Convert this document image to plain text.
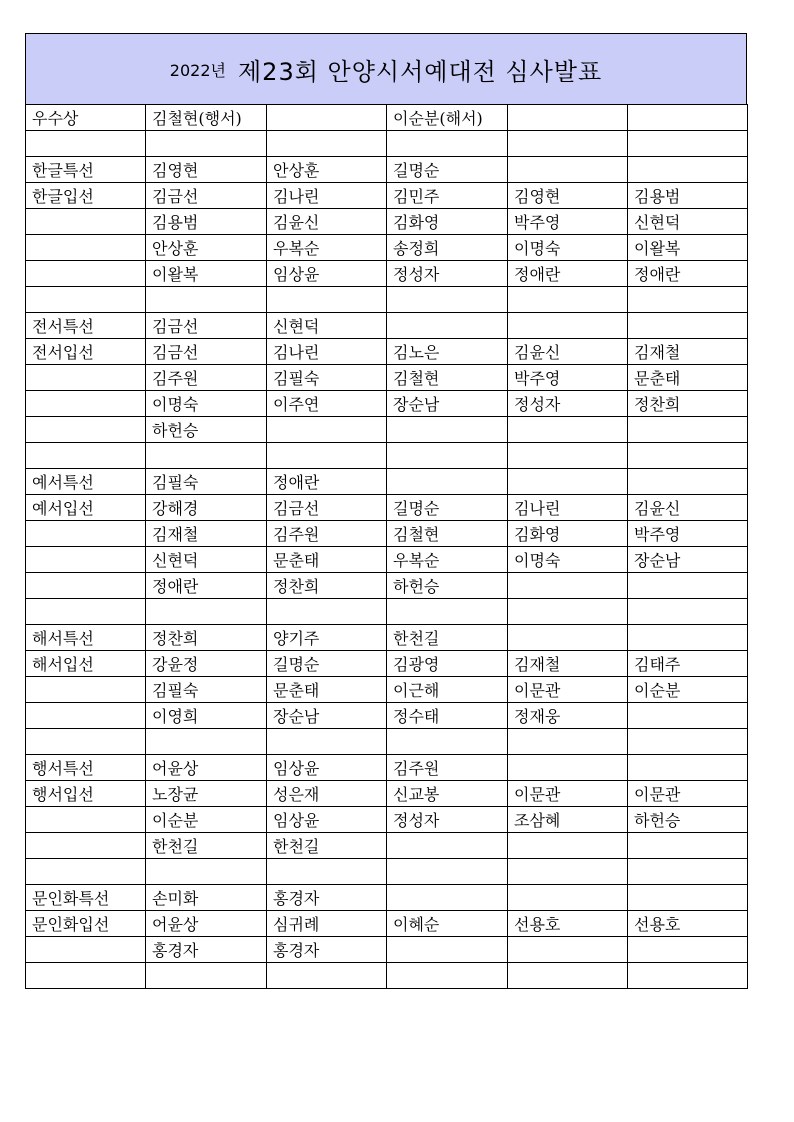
2022년 제23회 안양시서예대전 심사발표
우수상	김철현(행서)		이순분(해서)		

한글특선	김영현	안상훈	길명순		
한글입선	김금선	김나린	김민주	김영현	김용범
	김용범	김윤신	김화영	박주영	신현덕
	안상훈	우복순	송정희	이명숙	이왈복
	이왈복	임상윤	정성자	정애란	정애란

전서특선	김금선	신현덕			
전서입선	김금선	김나린	김노은	김윤신	김재철
	김주원	김필숙	김철현	박주영	문춘태
	이명숙	이주연	장순남	정성자	정찬희
	하헌승				

예서특선	김필숙	정애란			
예서입선	강해경	김금선	길명순	김나린	김윤신
	김재철	김주원	김철현	김화영	박주영
	신현덕	문춘태	우복순	이명숙	장순남
	정애란	정찬희	하헌승		

해서특선	정찬희	양기주	한천길		
해서입선	강윤정	길명순	김광영	김재철	김태주
	김필숙	문춘태	이근해	이문관	이순분
	이영희	장순남	정수태	정재웅	

행서특선	어윤상	임상윤	김주원		
행서입선	노장균	성은재	신교봉	이문관	이문관
	이순분	임상윤	정성자	조삼혜	하헌승
	한천길	한천길			

문인화특선	손미화	홍경자			
문인화입선	어윤상	심귀례	이혜순	선용호	선용호
	홍경자	홍경자			
